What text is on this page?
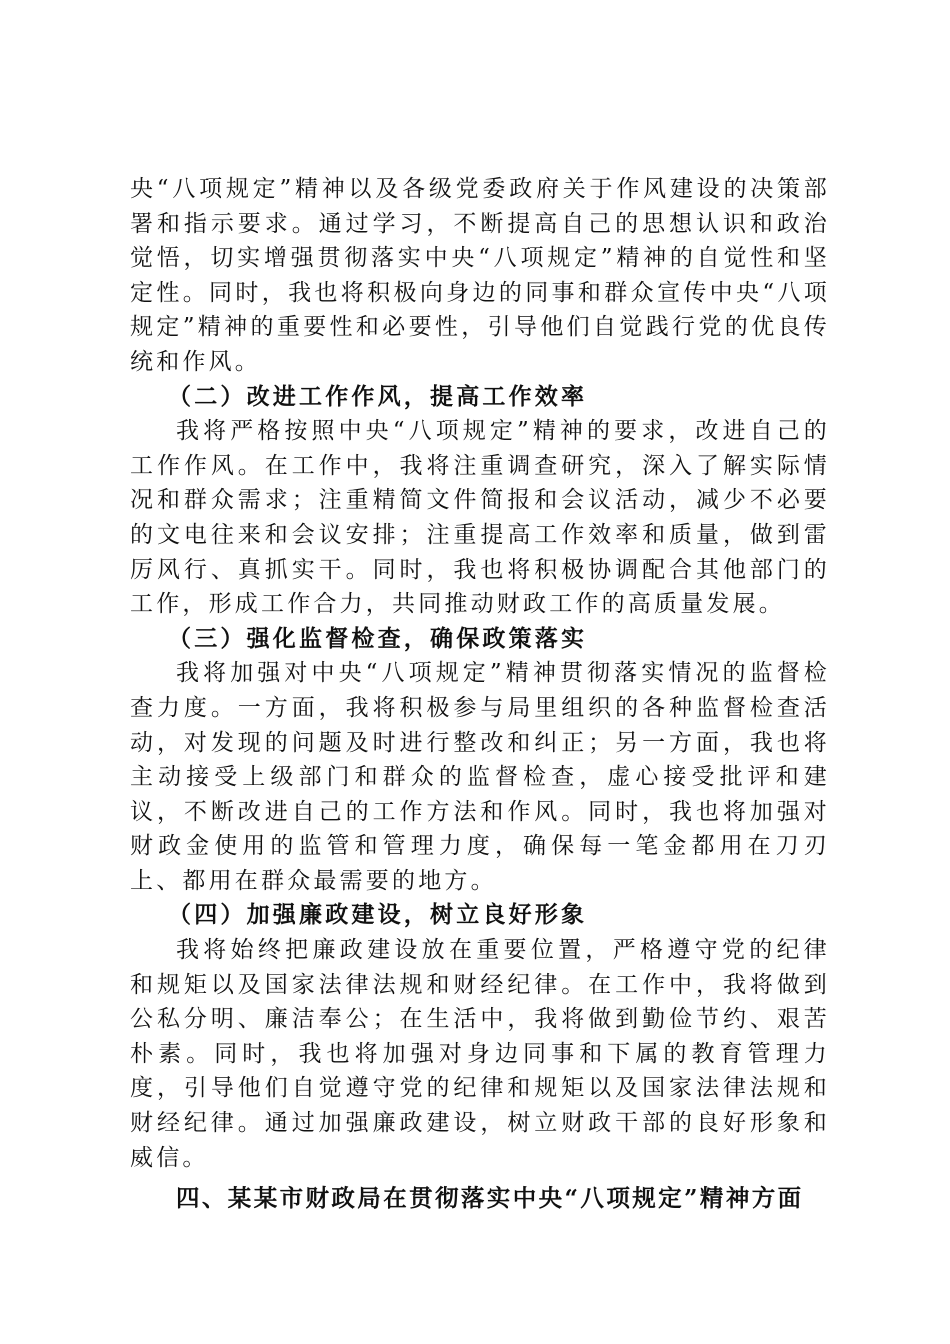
央“八项规定”精神以及各级党委政府关于作风建设的决策部署和指示要求。通过学习，不断提高自己的思想认识和政治觉悟，切实增强贯彻落实中央“八项规定”精神的自觉性和坚定性。同时，我也将积极向身边的同事和群众宣传中央“八项规定”精神的重要性和必要性，引导他们自觉践行党的优良传统和作风。

（二）改进工作作风，提高工作效率

我将严格按照中央“八项规定”精神的要求，改进自己的工作作风。在工作中，我将注重调查研究，深入了解实际情况和群众需求；注重精简文件简报和会议活动，减少不必要的文电往来和会议安排；注重提高工作效率和质量，做到雷厉风行、真抓实干。同时，我也将积极协调配合其他部门的工作，形成工作合力，共同推动财政工作的高质量发展。

（三）强化监督检查，确保政策落实

我将加强对中央“八项规定”精神贯彻落实情况的监督检查力度。一方面，我将积极参与局里组织的各种监督检查活动，对发现的问题及时进行整改和纠正；另一方面，我也将主动接受上级部门和群众的监督检查，虚心接受批评和建议，不断改进自己的工作方法和作风。同时，我也将加强对财政金使用的监管和管理力度，确保每一笔金都用在刀刃上、都用在群众最需要的地方。

（四）加强廉政建设，树立良好形象

我将始终把廉政建设放在重要位置，严格遵守党的纪律和规矩以及国家法律法规和财经纪律。在工作中，我将做到公私分明、廉洁奉公；在生活中，我将做到勤俭节约、艰苦朴素。同时，我也将加强对身边同事和下属的教育管理力度，引导他们自觉遵守党的纪律和规矩以及国家法律法规和财经纪律。通过加强廉政建设，树立财政干部的良好形象和威信。

四、某某市财政局在贯彻落实中央“八项规定”精神方面
